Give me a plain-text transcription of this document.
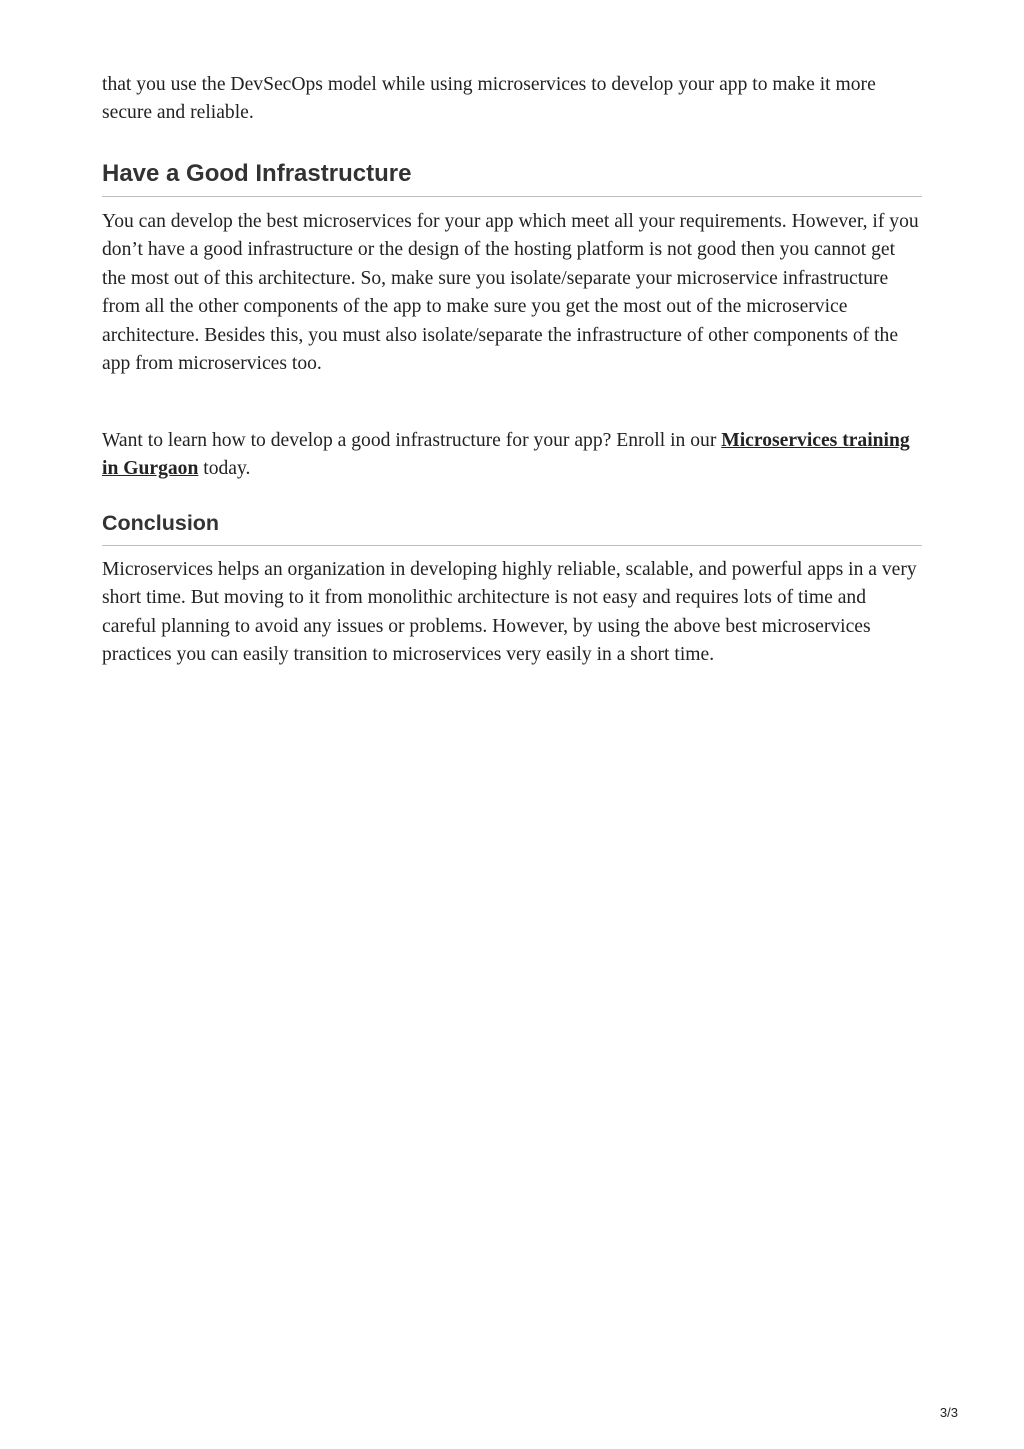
that you use the DevSecOps model while using microservices to develop your app to make it more secure and reliable.

Have a Good Infrastructure

You can develop the best microservices for your app which meet all your requirements. However, if you don’t have a good infrastructure or the design of the hosting platform is not good then you cannot get the most out of this architecture. So, make sure you isolate/separate your microservice infrastructure from all the other components of the app to make sure you get the most out of the microservice architecture. Besides this, you must also isolate/separate the infrastructure of other components of the app from microservices too.

Want to learn how to develop a good infrastructure for your app? Enroll in our Microservices training in Gurgaon today.

Conclusion

Microservices helps an organization in developing highly reliable, scalable, and powerful apps in a very short time. But moving to it from monolithic architecture is not easy and requires lots of time and careful planning to avoid any issues or problems. However, by using the above best microservices practices you can easily transition to microservices very easily in a short time.

3/3
